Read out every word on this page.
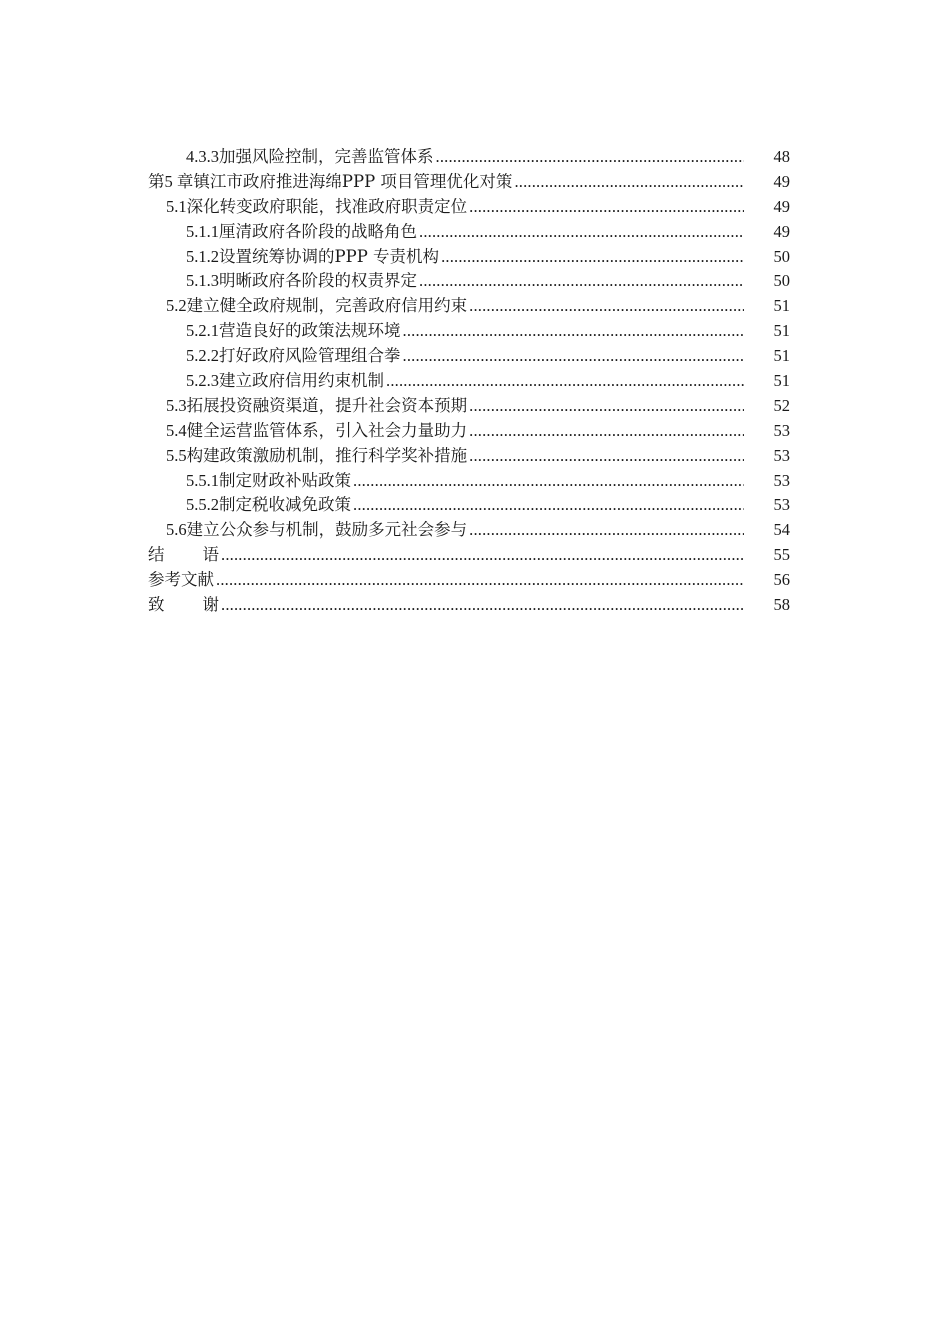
4.3.3 加强风险控制，完善监管体系 .....	48
第5 章 镇江市政府推进海绵PPP 项目管理优化对策 .....	49
5.1 深化转变政府职能，找准政府职责定位 .....	49
5.1.1 厘清政府各阶段的战略角色 .....	49
5.1.2 设置统筹协调的PPP 专责机构 .....	50
5.1.3 明晰政府各阶段的权责界定 .....	50
5.2 建立健全政府规制，完善政府信用约束 .....	51
5.2.1 营造良好的政策法规环境 .....	51
5.2.2 打好政府风险管理组合拳 .....	51
5.2.3 建立政府信用约束机制 .....	51
5.3 拓展投资融资渠道，提升社会资本预期 .....	52
5.4 健全运营监管体系，引入社会力量助力 .....	53
5.5 构建政策激励机制，推行科学奖补措施 .....	53
5.5.1 制定财政补贴政策 .....	53
5.5.2 制定税收减免政策 .....	53
5.6 建立公众参与机制，鼓励多元社会参与 .....	54
结语 .....	55
参考文献 .....	56
致谢 .....	58
